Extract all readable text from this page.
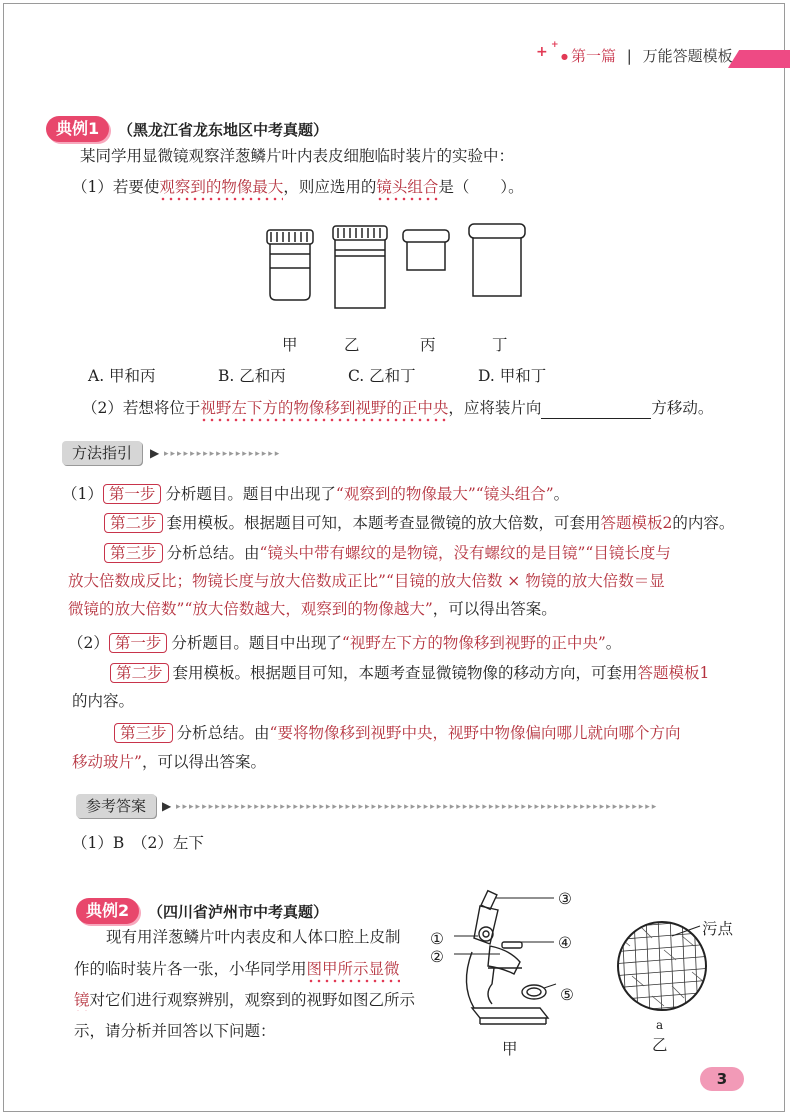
+ +
● 第一篇 | 万能答题模板
典例1	（黑龙江省龙东地区中考真题）
某同学用显微镜观察洋葱鳞片叶内表皮细胞临时装片的实验中：
（1）若要使观察到的物像最大，则应选用的镜头组合是（　　）。
甲	乙	丙	丁
A. 甲和丙	B. 乙和丙	C. 乙和丁	D. 甲和丁
（2）若想将位于视野左下方的物像移到视野的正中央，应将装片向	方移动。
方法指引	▶ ▸▸▸▸▸▸▸▸▸▸▸▸▸▸▸▸▸▸
（1） 第一步 分析题目。题目中出现了“观察到的物像最大”“镜头组合”。
第二步 套用模板。根据题目可知，本题考查显微镜的放大倍数，可套用答题模板2的内容。
第三步 分析总结。由“镜头中带有螺纹的是物镜，没有螺纹的是目镜”“目镜长度与
放大倍数成反比；物镜长度与放大倍数成正比”“目镜的放大倍数 × 物镜的放大倍数＝显
微镜的放大倍数”“放大倍数越大，观察到的物像越大”，可以得出答案。
（2） 第一步 分析题目。题目中出现了“视野左下方的物像移到视野的正中央”。
第二步 套用模板。根据题目可知，本题考查显微镜物像的移动方向，可套用答题模板1
的内容。
第三步 分析总结。由“要将物像移到视野中央，视野中物像偏向哪儿就向哪个方向
移动玻片”，可以得出答案。
参考答案	▶ ▸▸▸▸▸▸▸▸▸▸▸▸▸▸▸▸▸▸▸▸▸▸▸▸▸▸▸▸▸▸▸▸▸▸▸▸▸▸▸▸▸▸▸▸▸▸▸▸▸▸▸▸▸▸▸▸▸▸▸▸▸▸▸▸▸▸▸▸▸▸▸▸▸▸
（1）B　（2）左下
典例2	（四川省泸州市中考真题）
现有用洋葱鳞片叶内表皮和人体口腔上皮制
作的临时装片各一张，小华同学用图甲所示显微
镜对它们进行观察辨别，观察到的视野如图乙所示
示，请分析并回答以下问题：
③
①
②
④
⑤
甲
污点
a
乙
3
